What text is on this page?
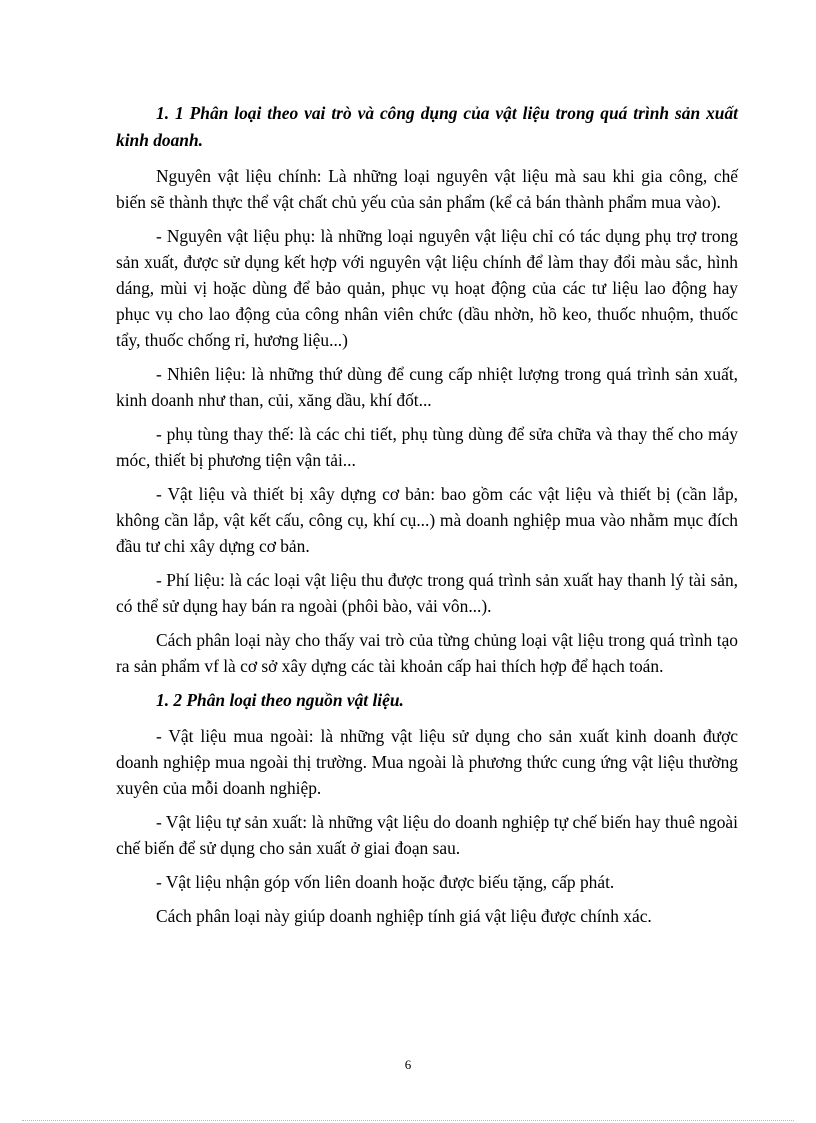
1. 1 Phân loại theo vai trò và công dụng của vật liệu trong quá trình sản xuất kinh doanh.

Nguyên vật liệu chính: Là những loại nguyên vật liệu mà sau khi gia công, chế biến sẽ thành thực thể vật chất chủ yếu của sản phẩm (kể cả bán thành phẩm mua vào).

- Nguyên vật liệu phụ: là những loại nguyên vật liệu chỉ có tác dụng phụ trợ trong sản xuất, được sử dụng kết hợp với nguyên vật liệu chính để làm thay đổi màu sắc, hình dáng, mùi vị hoặc dùng để bảo quản, phục vụ hoạt động của các tư liệu lao động hay phục vụ cho lao động của công nhân viên chức (dầu nhờn, hồ keo, thuốc nhuộm, thuốc tẩy, thuốc chống rỉ, hương liệu...)

- Nhiên liệu: là những thứ dùng để cung cấp nhiệt lượng trong quá trình sản xuất, kinh doanh như than, củi, xăng dầu, khí đốt...

- phụ tùng thay thế: là các chi tiết, phụ tùng dùng để sửa chữa và thay thế cho máy móc, thiết bị phương tiện vận tải...

- Vật liệu và thiết bị xây dựng cơ bản: bao gồm các vật liệu và thiết bị (cần lắp, không cần lắp, vật kết cấu, công cụ, khí cụ...) mà doanh nghiệp mua vào nhằm mục đích đầu tư chi xây dựng cơ bản.

- Phí liệu: là các loại vật liệu thu được trong quá trình sản xuất hay thanh lý tài sản, có thể sử dụng hay bán ra ngoài (phôi bào, vải vôn...).

Cách phân loại này cho thấy vai trò của từng chủng loại vật liệu trong quá trình tạo ra sản phẩm vf là cơ sở xây dựng các tài khoản cấp hai thích hợp để hạch toán.

1. 2 Phân loại theo nguồn vật liệu.

- Vật liệu mua ngoài: là những vật liệu sử dụng cho sản xuất kinh doanh được doanh nghiệp mua ngoài thị trường. Mua ngoài là phương thức cung ứng vật liệu thường xuyên của mỗi doanh nghiệp.

- Vật liệu tự sản xuất: là những vật liệu do doanh nghiệp tự chế biến hay thuê ngoài chế biến để sử dụng cho sản xuất ở giai đoạn sau.

- Vật liệu nhận góp vốn liên doanh hoặc được biếu tặng, cấp phát.

Cách phân loại này giúp doanh nghiệp tính giá vật liệu được chính xác.

6
